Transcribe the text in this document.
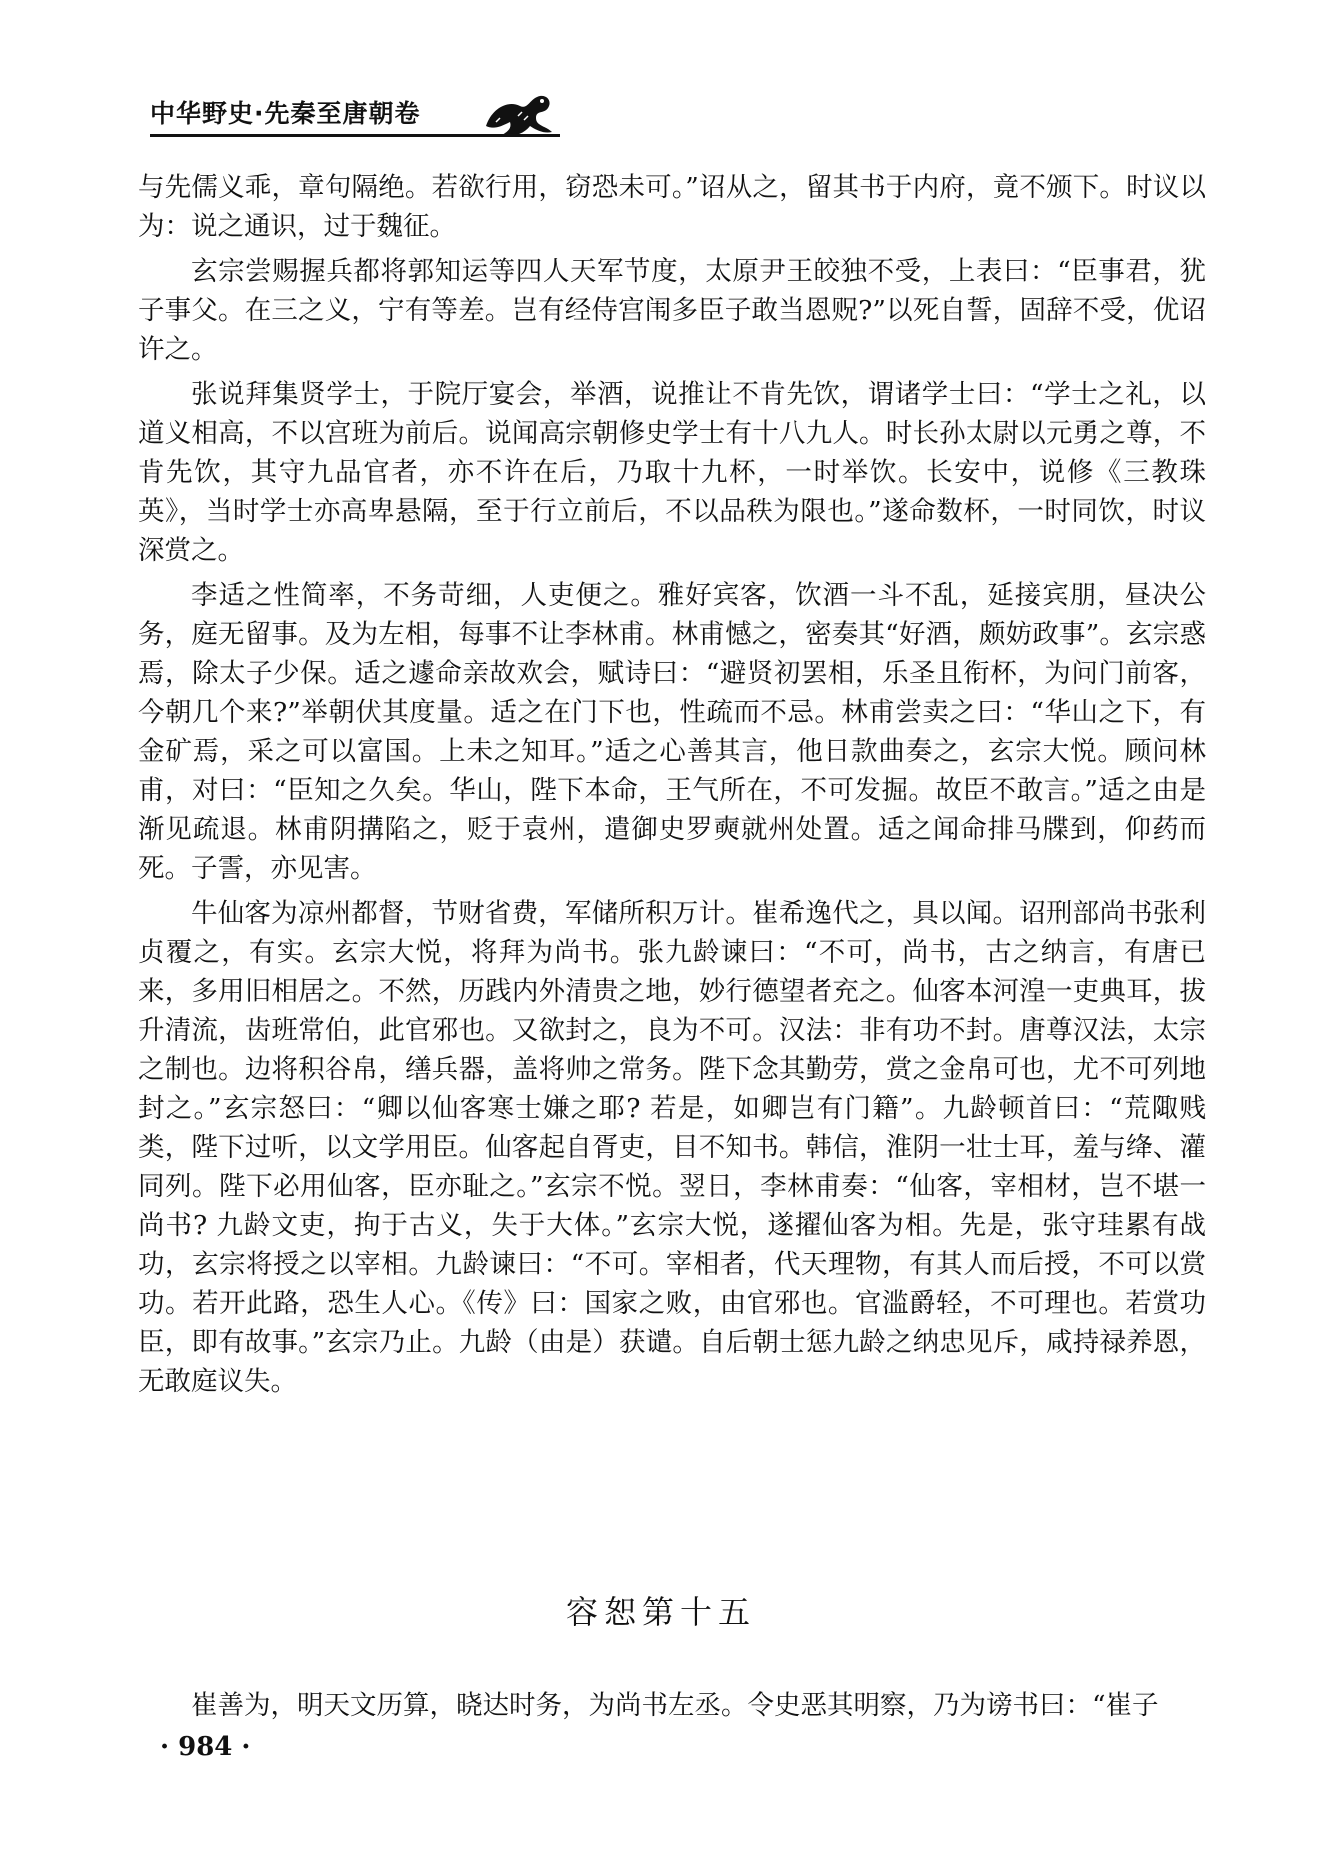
中华野史·先秦至唐朝卷

与先儒义乖，章句隔绝。若欲行用，窃恐未可。”诏从之，留其书于内府，竟不颁下。时议以为：说之通识，过于魏征。

玄宗尝赐握兵都将郭知运等四人天军节度，太原尹王皎独不受，上表曰：“臣事君，犹子事父。在三之义，宁有等差。岂有经侍宫闱多臣子敢当恩贶?”以死自誓，固辞不受，优诏许之。

张说拜集贤学士，于院厅宴会，举酒，说推让不肯先饮，谓诸学士曰：“学士之礼，以道义相高，不以宫班为前后。说闻高宗朝修史学士有十八九人。时长孙太尉以元勇之尊，不肯先饮，其守九品官者，亦不许在后，乃取十九杯，一时举饮。长安中，说修《三教珠英》，当时学士亦高卑悬隔，至于行立前后，不以品秩为限也。”遂命数杯，一时同饮，时议深赏之。

李适之性简率，不务苛细，人吏便之。雅好宾客，饮酒一斗不乱，延接宾朋，昼决公务，庭无留事。及为左相，每事不让李林甫。林甫憾之，密奏其“好酒，颇妨政事”。玄宗惑焉，除太子少保。适之遽命亲故欢会，赋诗曰：“避贤初罢相，乐圣且衔杯，为问门前客，今朝几个来?”举朝伏其度量。适之在门下也，性疏而不忌。林甫尝卖之曰：“华山之下，有金矿焉，采之可以富国。上未之知耳。”适之心善其言，他日款曲奏之，玄宗大悦。顾问林甫，对曰：“臣知之久矣。华山，陛下本命，王气所在，不可发掘。故臣不敢言。”适之由是渐见疏退。林甫阴搆陷之，贬于袁州，遣御史罗奭就州处置。适之闻命排马牒到，仰药而死。子霅，亦见害。

牛仙客为凉州都督，节财省费，军储所积万计。崔希逸代之，具以闻。诏刑部尚书张利贞覆之，有实。玄宗大悦，将拜为尚书。张九龄谏曰：“不可，尚书，古之纳言，有唐已来，多用旧相居之。不然，历践内外清贵之地，妙行德望者充之。仙客本河湟一吏典耳，拔升清流，齿班常伯，此官邪也。又欲封之，良为不可。汉法：非有功不封。唐尊汉法，太宗之制也。边将积谷帛，缮兵器，盖将帅之常务。陛下念其勤劳，赏之金帛可也，尤不可列地封之。”玄宗怒曰：“卿以仙客寒士嫌之耶? 若是，如卿岂有门籍”。九龄顿首曰：“荒陬贱类，陛下过听，以文学用臣。仙客起自胥吏，目不知书。韩信，淮阴一壮士耳，羞与绛、灌同列。陛下必用仙客，臣亦耻之。”玄宗不悦。翌日，李林甫奏：“仙客，宰相材，岂不堪一尚书? 九龄文吏，拘于古义，失于大体。”玄宗大悦，遂擢仙客为相。先是，张守珪累有战功，玄宗将授之以宰相。九龄谏曰：“不可。宰相者，代天理物，有其人而后授，不可以赏功。若开此路，恐生人心。《传》曰：国家之败，由官邪也。官滥爵轻，不可理也。若赏功臣，即有故事。”玄宗乃止。九龄（由是）获谴。自后朝士惩九龄之纳忠见斥，咸持禄养恩，无敢庭议失。

容恕第十五
崔善为，明天文历算，晓达时务，为尚书左丞。令史恶其明察，乃为谤书曰：“崔子
· 984 ·
